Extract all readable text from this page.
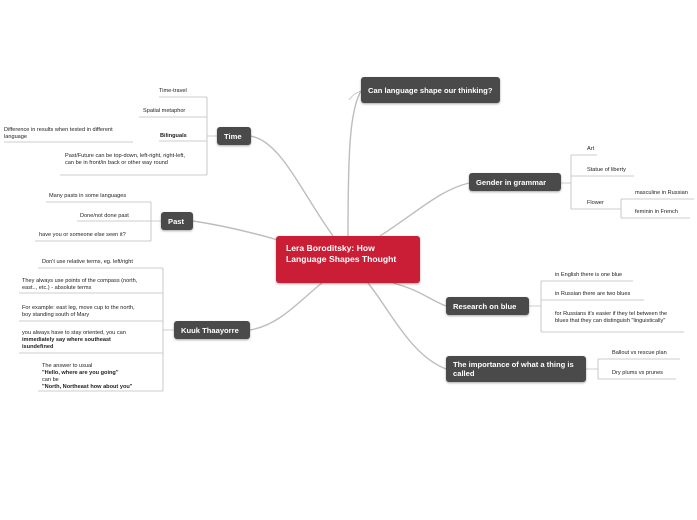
Lera Boroditsky: How Language Shapes Thought
Can language shape our thinking?
Time
Time-travel
Spatial metaphor
Bilinguals
Difference in results when tested in different language
Past/Future can be top-down, left-right, right-left, can be in front/in back or other way round
Past
Many pasts in some languages
Done/not done past
have you or someone else seen it?
Kuuk Thaayorre
Don't use relative terms, eg. left/right
They always use points of the compass (north, east.., etc.) - absolute terms
For example: east leg, move cup to the north, boy standing south of Mary
you always have to stay oriented, you can
immediately say where southeast
isundefined
The answer to usual
"Hello, where are you going"
can be
"North, Northeast how about you"
Gender in grammar
Art
Statue of liberty
Flower
masculine in Russian
feminin in French
Research on blue
in English there is one blue
in Russian there are two blues
for Russians it's easier if they tel between the blues that they can distinguish "linguistically"
The importance of what a thing is called
Ballout vs rescue plan
Dry plums vs prunes
